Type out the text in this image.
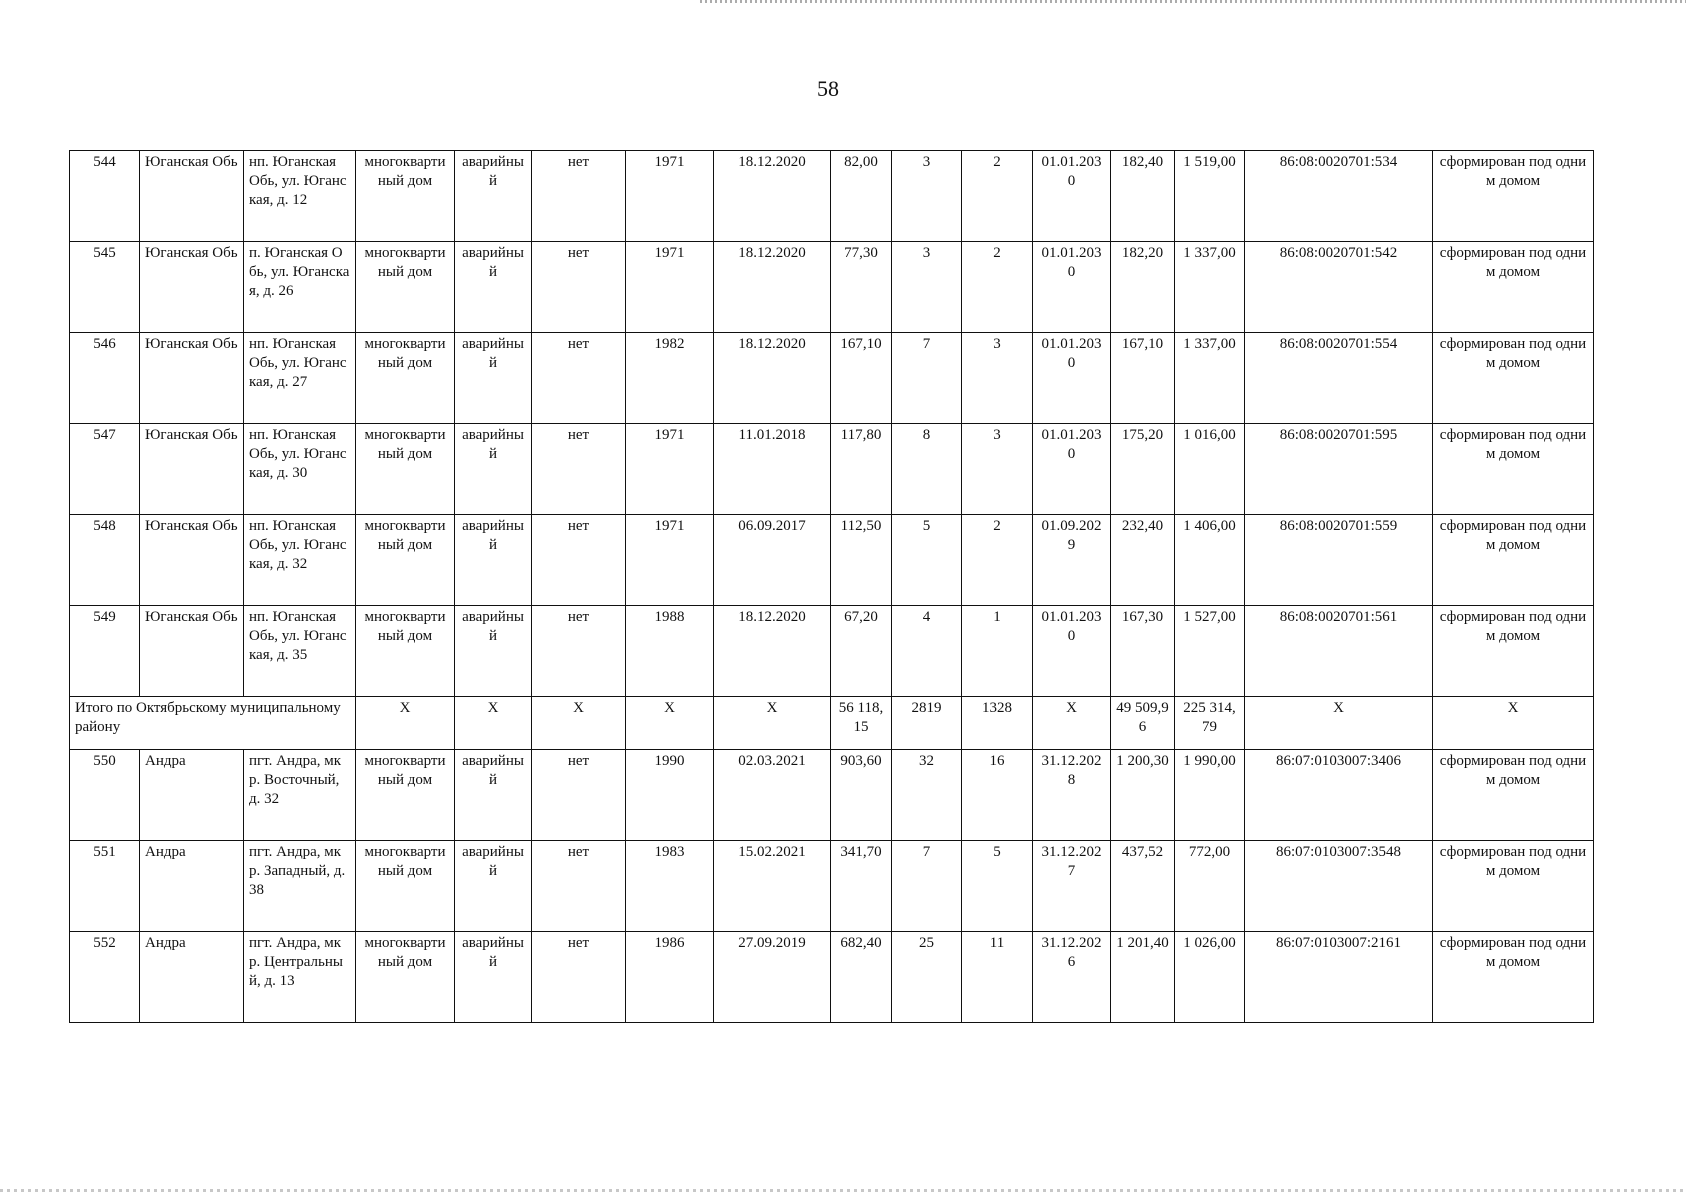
58
544	Юганская Обь	нп. Юганская Обь, ул. Юганская, д. 12	многоквартиный дом	аварийный	нет	1971	18.12.2020	82,00	3	2	01.01.2030	182,40	1 519,00	86:08:0020701:534	сформирован под одним домом
545	Юганская Обь	п. Юганская Обь, ул. Юганская, д. 26	многоквартиный дом	аварийный	нет	1971	18.12.2020	77,30	3	2	01.01.2030	182,20	1 337,00	86:08:0020701:542	сформирован под одним домом
546	Юганская Обь	нп. Юганская Обь, ул. Юганская, д. 27	многоквартиный дом	аварийный	нет	1982	18.12.2020	167,10	7	3	01.01.2030	167,10	1 337,00	86:08:0020701:554	сформирован под одним домом
547	Юганская Обь	нп. Юганская Обь, ул. Юганская, д. 30	многоквартиный дом	аварийный	нет	1971	11.01.2018	117,80	8	3	01.01.2030	175,20	1 016,00	86:08:0020701:595	сформирован под одним домом
548	Юганская Обь	нп. Юганская Обь, ул. Юганская, д. 32	многоквартиный дом	аварийный	нет	1971	06.09.2017	112,50	5	2	01.09.2029	232,40	1 406,00	86:08:0020701:559	сформирован под одним домом
549	Юганская Обь	нп. Юганская Обь, ул. Юганская, д. 35	многоквартиный дом	аварийный	нет	1988	18.12.2020	67,20	4	1	01.01.2030	167,30	1 527,00	86:08:0020701:561	сформирован под одним домом
Итого по Октябрьскому муниципальному району			X	X	X	X	X	56 118,15	2819	1328	X	49 509,96	225 314,79	X	X
550	Андра	пгт. Андра, мкр. Восточный, д. 32	многоквартиный дом	аварийный	нет	1990	02.03.2021	903,60	32	16	31.12.2028	1 200,30	1 990,00	86:07:0103007:3406	сформирован под одним домом
551	Андра	пгт. Андра, мкр. Западный, д. 38	многоквартиный дом	аварийный	нет	1983	15.02.2021	341,70	7	5	31.12.2027	437,52	772,00	86:07:0103007:3548	сформирован под одним домом
552	Андра	пгт. Андра, мкр. Центральный, д. 13	многоквартиный дом	аварийный	нет	1986	27.09.2019	682,40	25	11	31.12.2026	1 201,40	1 026,00	86:07:0103007:2161	сформирован под одним домом
